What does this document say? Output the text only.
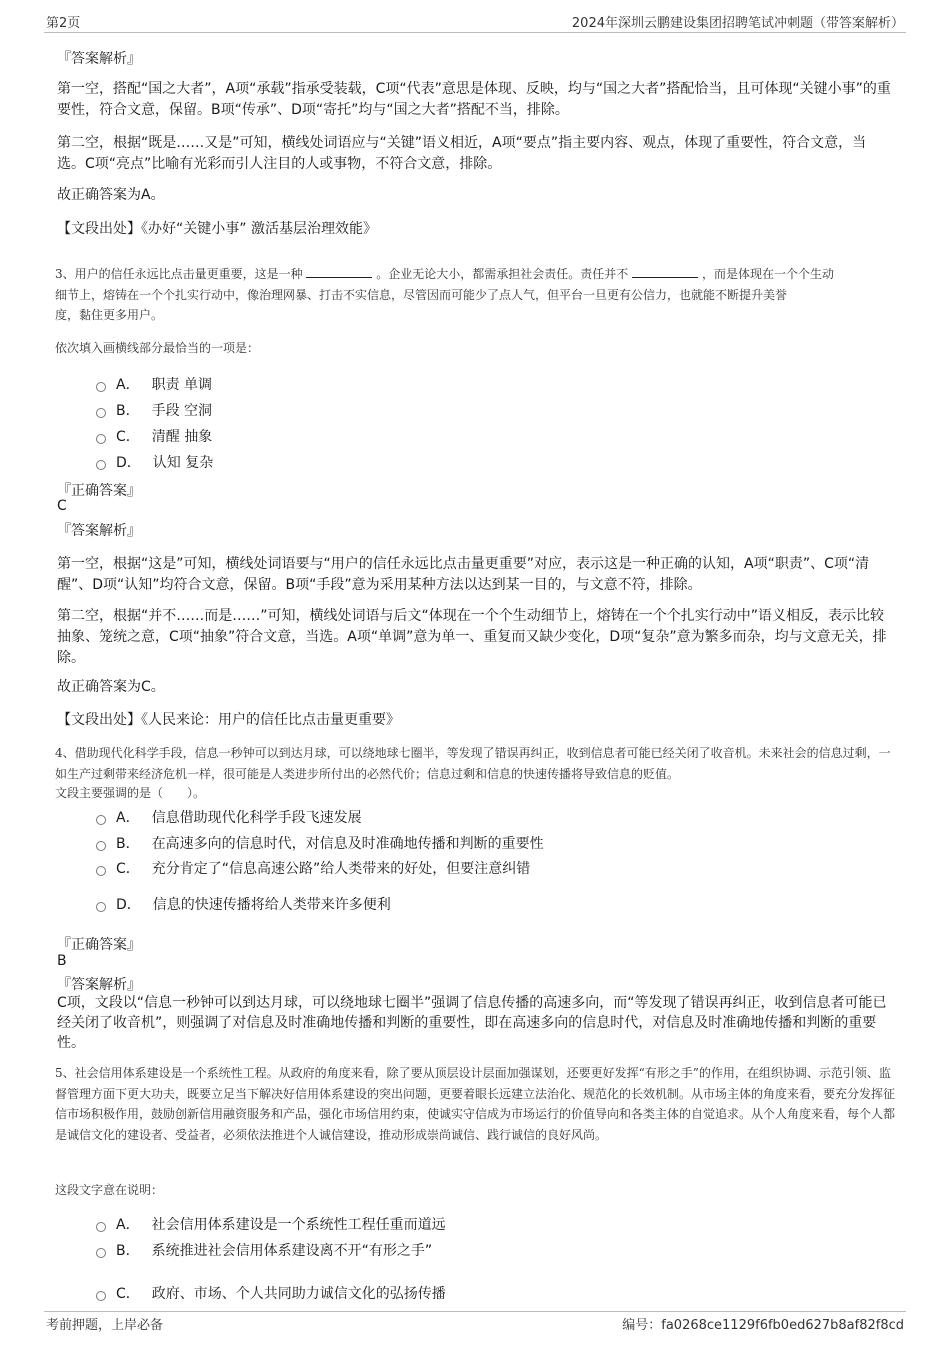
第2页	2024年深圳云鹏建设集团招聘笔试冲刺题（带答案解析）
『答案解析』
第一空，搭配“国之大者”，A项“承载”指承受装载，C项“代表”意思是体现、反映，均与“国之大者”搭配恰当，且可体现“关键小事”的重要性，符合文意，保留。B项“传承”、D项“寄托”均与“国之大者”搭配不当，排除。
第二空，根据“既是……又是”可知，横线处词语应与“关键”语义相近，A项“要点”指主要内容、观点，体现了重要性，符合文意，当选。C项“亮点”比喻有光彩而引人注目的人或事物，不符合文意，排除。
故正确答案为A。
【文段出处】《办好“关键小事” 激活基层治理效能》
3、用户的信任永远比点击量更重要，这是一种	。企业无论大小，都需承担社会责任。责任并不	，而是体现在一个个生动
细节上，熔铸在一个个扎实行动中，像治理网暴、打击不实信息，尽管因而可能少了点人气，但平台一旦更有公信力，也就能不断提升美誉
度，黏住更多用户。
依次填入画横线部分最恰当的一项是：
A． 职责 单调
B． 手段 空洞
C． 清醒 抽象
D． 认知 复杂
『正确答案』
C
『答案解析』
第一空，根据“这是”可知，横线处词语要与“用户的信任永远比点击量更重要”对应，表示这是一种正确的认知，A项“职责”、C项“清醒”、D项“认知”均符合文意，保留。B项“手段”意为采用某种方法以达到某一目的，与文意不符，排除。
第二空，根据“并不……而是……”可知，横线处词语与后文“体现在一个个生动细节上，熔铸在一个个扎实行动中”语义相反，表示比较抽象、笼统之意，C项“抽象”符合文意，当选。A项“单调”意为单一、重复而又缺少变化，D项“复杂”意为繁多而杂，均与文意无关，排除。
故正确答案为C。
【文段出处】《人民来论：用户的信任比点击量更重要》
4、借助现代化科学手段，信息一秒钟可以到达月球，可以绕地球七圈半，等发现了错误再纠正，收到信息者可能已经关闭了收音机。未来社会的信息过剩，一如生产过剩带来经济危机一样，很可能是人类进步所付出的必然代价；信息过剩和信息的快速传播将导致信息的贬值。
文段主要强调的是（　　）。
A． 信息借助现代化科学手段飞速发展
B． 在高速多向的信息时代，对信息及时准确地传播和判断的重要性
C． 充分肯定了“信息高速公路”给人类带来的好处，但要注意纠错
D． 信息的快速传播将给人类带来许多便利
『正确答案』
B
『答案解析』
C项，文段以“信息一秒钟可以到达月球，可以绕地球七圈半”强调了信息传播的高速多向，而“等发现了错误再纠正，收到信息者可能已经关闭了收音机”，则强调了对信息及时准确地传播和判断的重要性，即在高速多向的信息时代，对信息及时准确地传播和判断的重要性。
5、社会信用体系建设是一个系统性工程。从政府的角度来看，除了要从顶层设计层面加强谋划，还要更好发挥“有形之手”的作用，在组织协调、示范引领、监督管理方面下更大功夫，既要立足当下解决好信用体系建设的突出问题，更要着眼长远建立法治化、规范化的长效机制。从市场主体的角度来看，要充分发挥征信市场积极作用，鼓励创新信用融资服务和产品，强化市场信用约束，使诚实守信成为市场运行的价值导向和各类主体的自觉追求。从个人角度来看，每个人都是诚信文化的建设者、受益者，必须依法推进个人诚信建设，推动形成崇尚诚信、践行诚信的良好风尚。
这段文字意在说明：
A． 社会信用体系建设是一个系统性工程任重而道远
B． 系统推进社会信用体系建设离不开“有形之手”
C． 政府、市场、个人共同助力诚信文化的弘扬传播
考前押题，上岸必备	编号：fa0268ce1129f6fb0ed627b8af82f8cd
